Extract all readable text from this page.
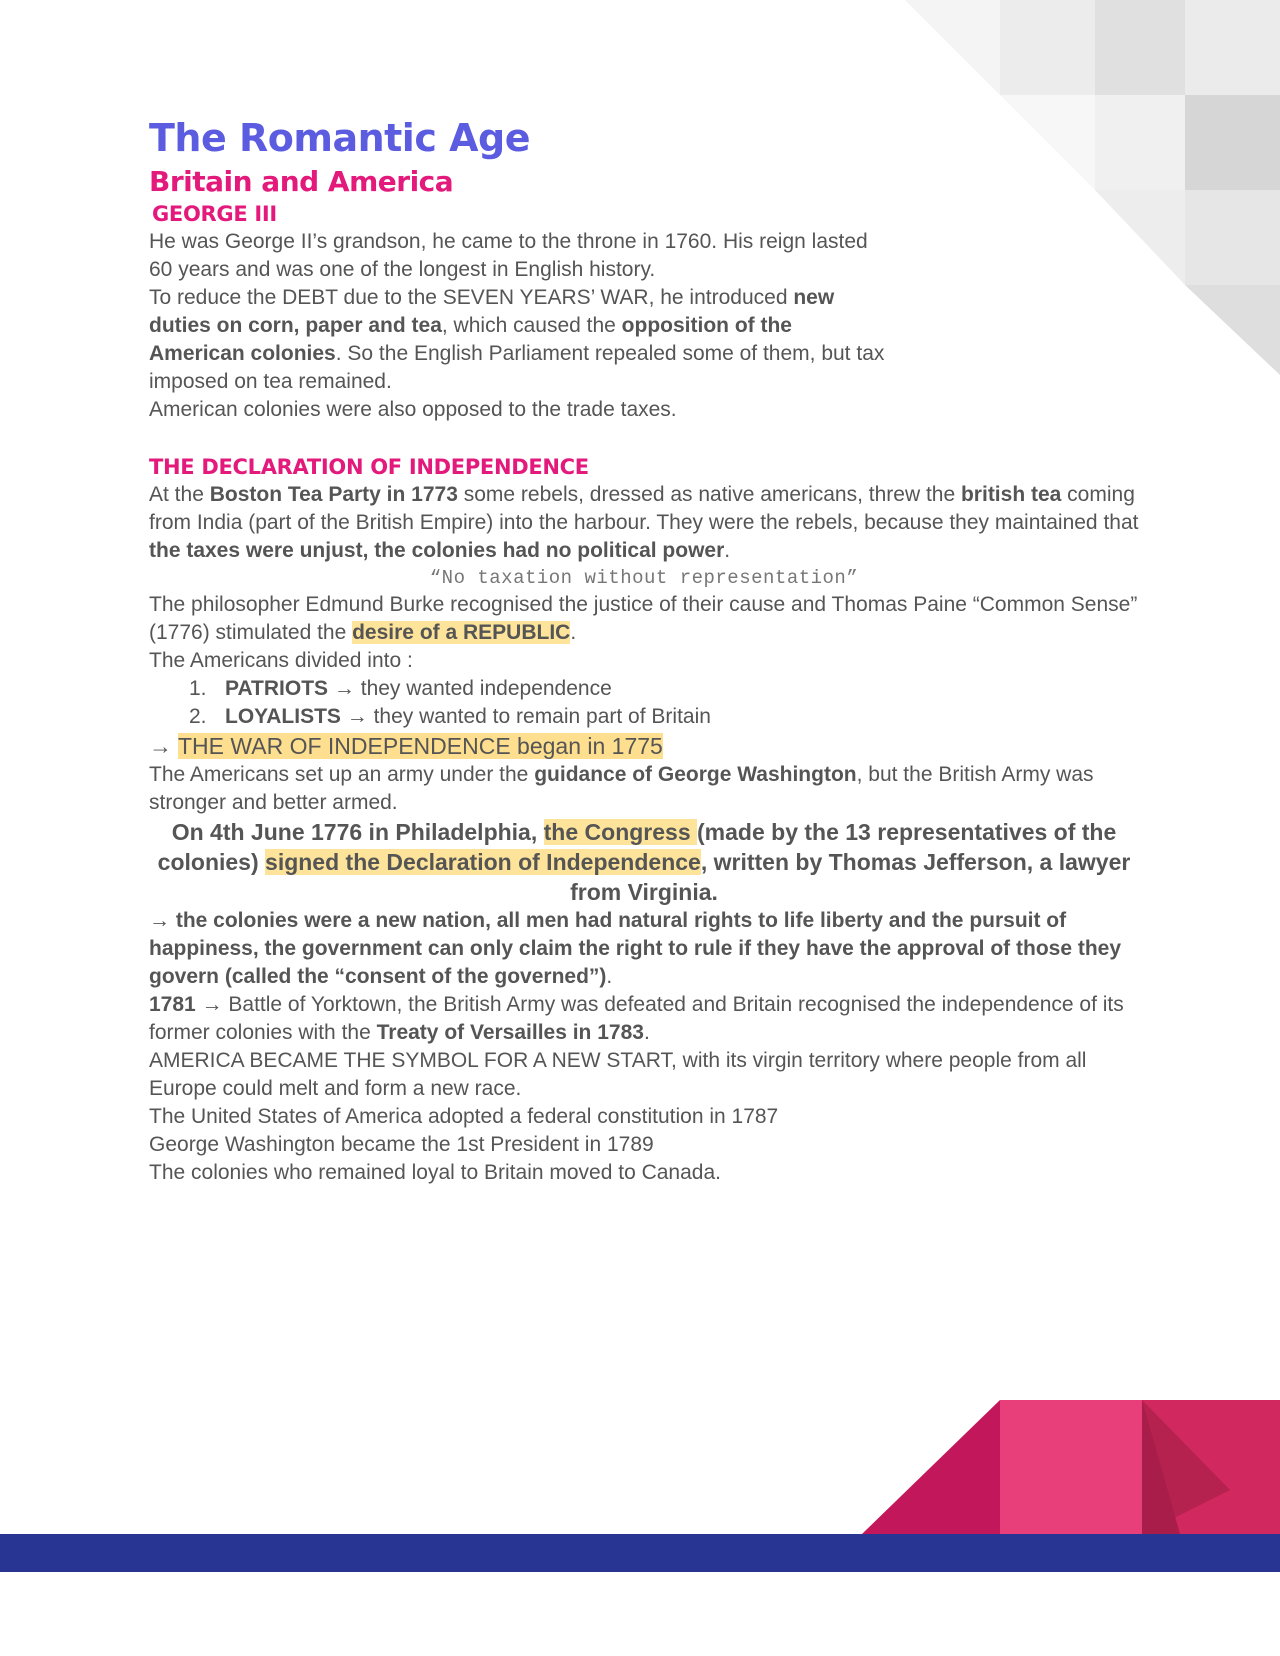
The Romantic Age
Britain and America
GEORGE III

He was George II’s grandson, he came to the throne in 1760. His reign lasted 60 years and was one of the longest in English history.

To reduce the DEBT due to the SEVEN YEARS’ WAR, he introduced new duties on corn, paper and tea, which caused the opposition of the American colonies. So the English Parliament repealed some of them, but tax imposed on tea remained.

American colonies were also opposed to the trade taxes.

THE DECLARATION OF INDEPENDENCE

At the Boston Tea Party in 1773 some rebels, dressed as native americans, threw the british tea coming from India (part of the British Empire) into the harbour. They were the rebels, because they maintained that the taxes were unjust, the colonies had no political power.

“No taxation without representation”

The philosopher Edmund Burke recognised the justice of their cause and Thomas Paine “Common Sense” (1776) stimulated the desire of a REPUBLIC.

The Americans divided into :

1. PATRIOTS → they wanted independence
2. LOYALISTS → they wanted to remain part of Britain

→ THE WAR OF INDEPENDENCE began in 1775

The Americans set up an army under the guidance of George Washington, but the British Army was stronger and better armed.

On 4th June 1776 in Philadelphia, the Congress (made by the 13 representatives of the colonies) signed the Declaration of Independence, written by Thomas Jefferson, a lawyer from Virginia.

→ the colonies were a new nation, all men had natural rights to life liberty and the pursuit of happiness, the government can only claim the right to rule if they have the approval of those they govern (called the “consent of the governed”).

1781 → Battle of Yorktown, the British Army was defeated and Britain recognised the independence of its former colonies with the Treaty of Versailles in 1783.

AMERICA BECAME THE SYMBOL FOR A NEW START, with its virgin territory where people from all Europe could melt and form a new race.

The United States of America adopted a federal constitution in 1787

George Washington became the 1st President in 1789

The colonies who remained loyal to Britain moved to Canada.
